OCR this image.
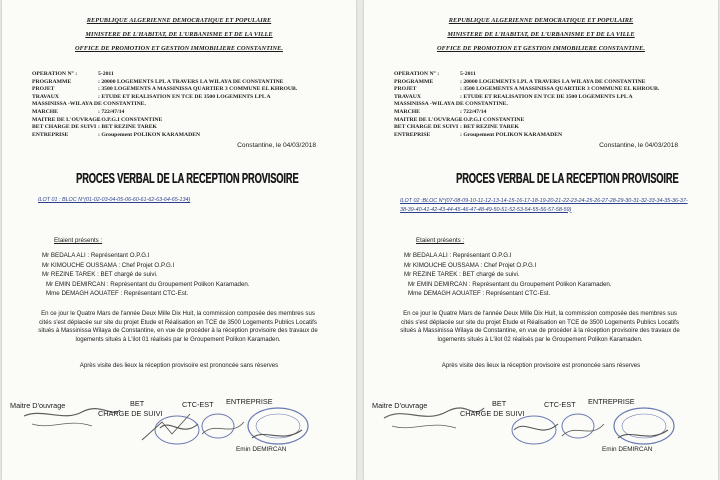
REPUBLIQUE ALGERIENNE DEMOCRATIQUE ET POPULAIRE
MINISTERE DE L'HABITAT, DE L'URBANISME ET DE LA VILLE
OFFICE DE PROMOTION ET GESTION IMMOBILIERE CONSTANTINE.
OPERATION N° :	5-2011
PROGRAMME	: 20000 LOGEMENTS LPL A TRAVERS LA WILAYA DE CONSTANTINE
PROJET	: 3500 LOGEMENTS A MASSINISSA QUARTIER 3 COMMUNE EL KHROUB.
TRAVAUX	: ETUDE ET REALISATION EN TCE DE 3500 LOGEMENTS LPL A
MASSINISSA -WILAYA DE CONSTANTINE.
MARCHE	: 722/47/14
MAITRE DE L'OUVRAGE
: O.P.G.I CONSTANTINE
BET CHARGE DE SUIVI : BET REZINE TAREK
ENTREPRISE	: Groupement POLIKON KARAMADEN
Constantine, le 04/03/2018
PROCES VERBAL DE LA RECEPTION PROVISOIRE
ILOT 01 : BLOC N°(01-02-03-04-05-06-60-61-62-63-64-65-134)
Etaient présents :
Mr BEDALA ALI : Représentant O.P.G.I
Mr KIMOUCHE OUSSAMA : Chef Projet O.P.G.I
Mr REZINE TAREK : BET chargé de suivi.
Mr EMIN DEMIRCAN : Représentant du Groupement Polikon Karamaden.
Mme DEMAGH AOUATEF : Représentant CTC-Est.
En ce jour le Quatre Mars de l'année Deux Mille Dix Huit, la commission composée des membres sus cités s'est déplacée sur site du projet Etude et Réalisation en TCE de 3500 Logements Publics Locatifs situés à Massinissa Wilaya de Constantine, en vue de procéder à la réception provisoire des travaux de logements situés à L'ilot 01 réalisés par le Groupement Polikon Karamaden.
Après visite des lieux la réception provisoire est prononcée sans réserves
Maitre D'ouvrage	BET
CHARGE DE SUIVI
CTC-EST ENTREPRISE
Emin DEMIRCAN
REPUBLIQUE ALGERIENNE DEMOCRATIQUE ET POPULAIRE
MINISTERE DE L'HABITAT, DE L'URBANISME ET DE LA VILLE
OFFICE DE PROMOTION ET GESTION IMMOBILIERE CONSTANTINE.
OPERATION N° :	5-2011
PROGRAMME	: 20000 LOGEMENTS LPL A TRAVERS LA WILAYA DE CONSTANTINE
PROJET	: 3500 LOGEMENTS A MASSINISSA QUARTIER 3 COMMUNE EL KHROUB.
TRAVAUX	: ETUDE ET REALISATION EN TCE DE 3500 LOGEMENTS LPL A
MASSINISSA -WILAYA DE CONSTANTINE.
MARCHE	: 722/47/14
MAITRE DE L'OUVRAGE
: O.P.G.I CONSTANTINE
BET CHARGE DE SUIVI : BET REZINE TAREK
ENTREPRISE	: Groupement POLIKON KARAMADEN
Constantine, le 04/03/2018
PROCES VERBAL DE LA RECEPTION PROVISOIRE
ILOT 02 :BLOC N°(07-08-09-10-11-12-13-14-15-16-17-18-19-20-21-22-23-24-25-26-27-28-29-30-31-32-33-34-35-36-37-38-39-40-41-42-43-44-45-46-47-48-49-50-51-52-53-54-55-56-57-58-59)
Etaient présents :
Mr BEDALA ALI : Représentant O.P.G.I
Mr KIMOUCHE OUSSAMA : Chef Projet O.P.G.I
Mr REZINE TAREK : BET chargé de suivi.
Mr EMIN DEMIRCAN : Représentant du Groupement Polikon Karamaden.
Mme DEMAGH AOUATEF : Représentant CTC-Est.
En ce jour le Quatre Mars de l'année Deux Mille Dix Huit, la commission composée des membres sus cités s'est déplacée sur site du projet Etude et Réalisation en TCE de 3500 Logements Publics Locatifs situés à Massinissa Wilaya de Constantine, en vue de procéder à la réception provisoire des travaux de logements situés à L'ilot 02 réalisés par le Groupement Polikon Karamaden.
Après visite des lieux la réception provisoire est prononcée sans réserves
Maitre D'ouvrage	BET
CHARGE DE SUIVI
CTC-EST ENTREPRISE
Emin DEMIRCAN
